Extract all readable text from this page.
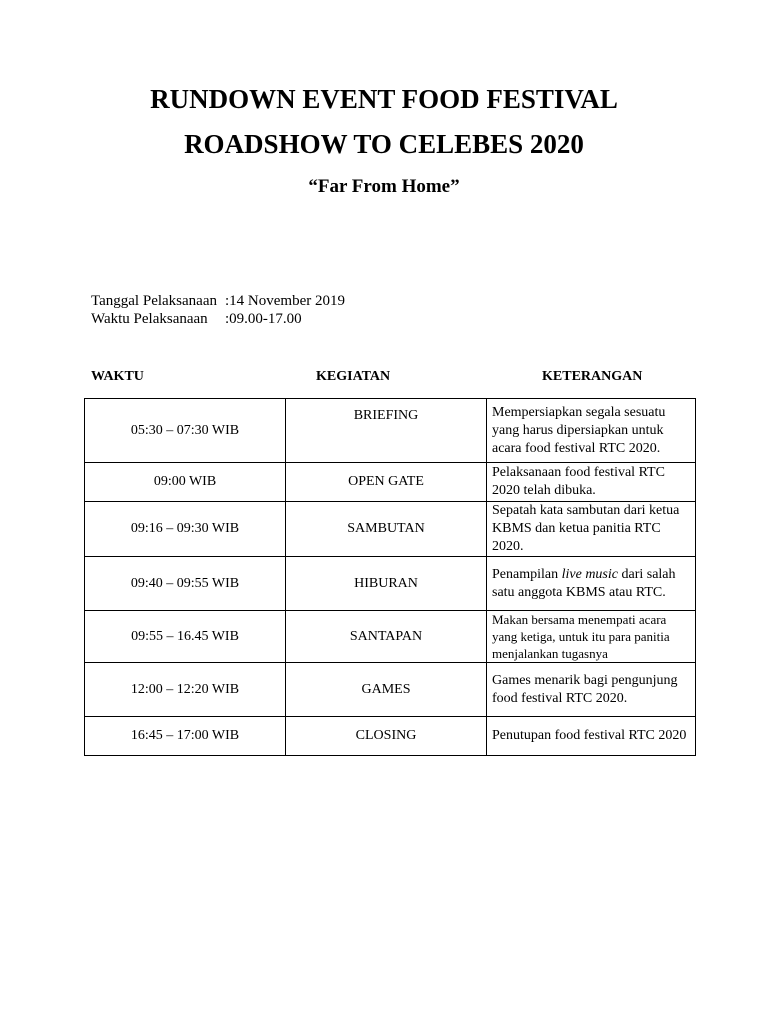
RUNDOWN EVENT FOOD FESTIVAL
ROADSHOW TO CELEBES 2020

“Far From Home”

Tanggal Pelaksanaan :14 November 2019
Waktu Pelaksanaan :09.00-17.00
WAKTU	KEGIATAN	KETERANGAN
05:30 – 07:30 WIB	BRIEFING	Mempersiapkan segala sesuatu yang harus dipersiapkan untuk acara food festival RTC 2020.
09:00 WIB	OPEN GATE	Pelaksanaan food festival RTC 2020 telah dibuka.
09:16 – 09:30 WIB	SAMBUTAN	Sepatah kata sambutan dari ketua KBMS dan ketua panitia RTC 2020.
09:40 – 09:55 WIB	HIBURAN	Penampilan live music dari salah satu anggota KBMS atau RTC.
09:55 – 16.45 WIB	SANTAPAN	Makan bersama menempati acara yang ketiga, untuk itu para panitia menjalankan tugasnya
12:00 – 12:20 WIB	GAMES	Games menarik bagi pengunjung food festival RTC 2020.
16:45 – 17:00 WIB	CLOSING	Penutupan food festival RTC 2020
